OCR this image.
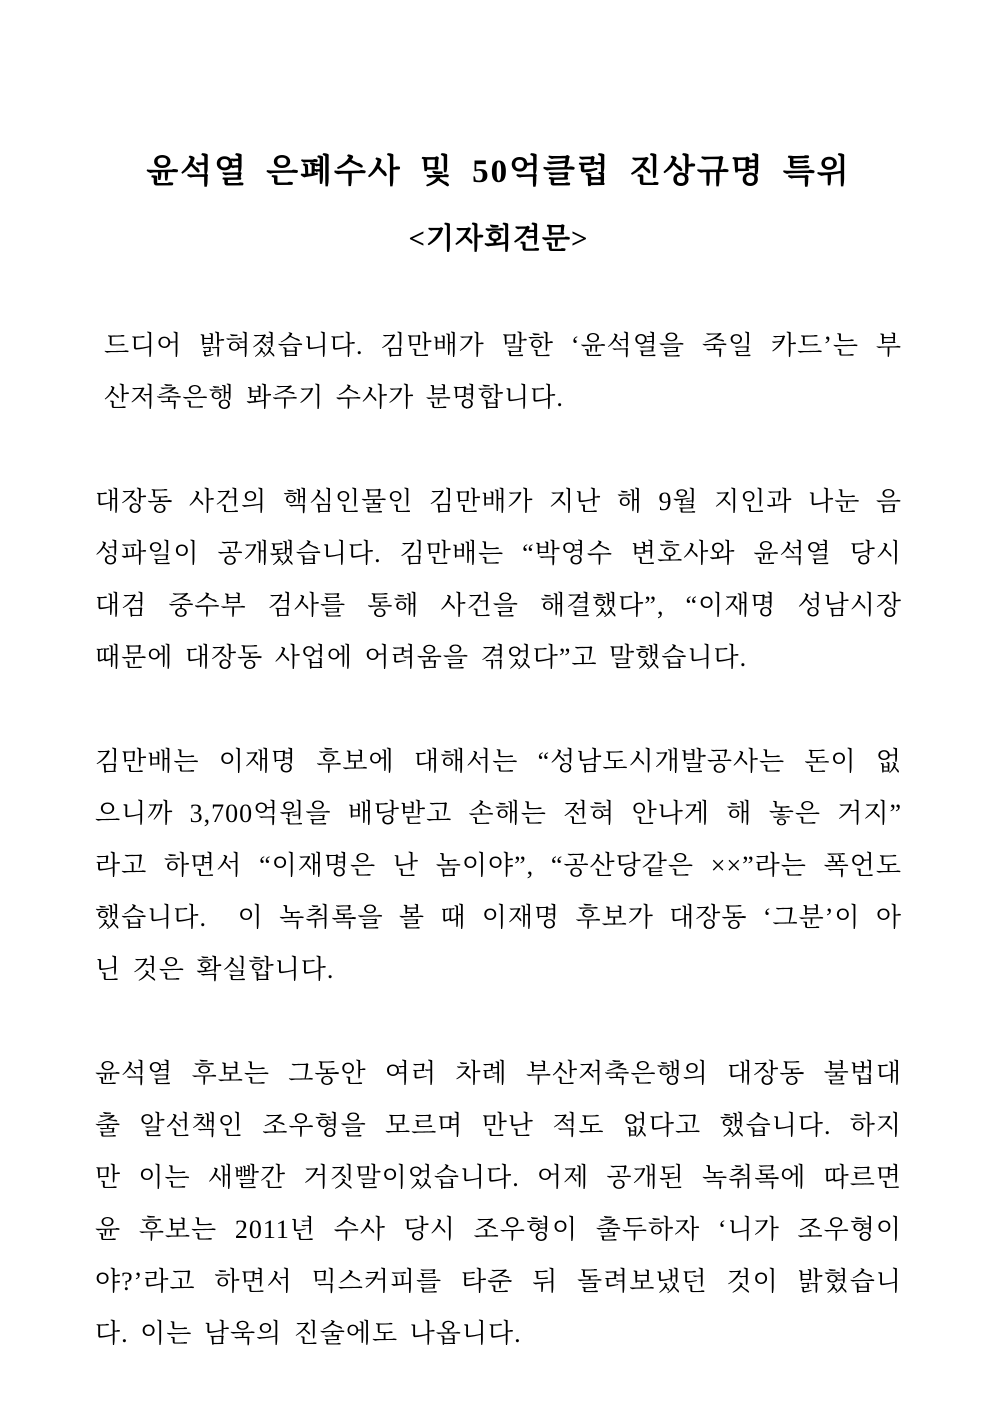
윤석열 은폐수사 및 50억클럽 진상규명 특위
<기자회견문>
드디어 밝혀졌습니다. 김만배가 말한 ‘윤석열을 죽일 카드’는 부
산저축은행 봐주기 수사가 분명합니다.
대장동 사건의 핵심인물인 김만배가 지난 해 9월 지인과 나눈 음
성파일이 공개됐습니다. 김만배는 “박영수 변호사와 윤석열 당시
대검 중수부 검사를 통해 사건을 해결했다”, “이재명 성남시장
때문에 대장동 사업에 어려움을 겪었다”고 말했습니다.
김만배는 이재명 후보에 대해서는 “성남도시개발공사는 돈이 없
으니까 3,700억원을 배당받고 손해는 전혀 안나게 해 놓은 거지”
라고 하면서 “이재명은 난 놈이야”, “공산당같은 ××”라는 폭언도
했습니다.  이 녹취록을 볼 때 이재명 후보가 대장동 ‘그분’이 아
닌 것은 확실합니다.
윤석열 후보는 그동안 여러 차례 부산저축은행의 대장동 불법대
출 알선책인 조우형을 모르며 만난 적도 없다고 했습니다. 하지
만 이는 새빨간 거짓말이었습니다. 어제 공개된 녹취록에 따르면
윤 후보는 2011년 수사 당시 조우형이 출두하자 ‘니가 조우형이
야?’라고 하면서 믹스커피를 타준 뒤 돌려보냈던 것이 밝혔습니
다. 이는 남욱의 진술에도 나옵니다.
